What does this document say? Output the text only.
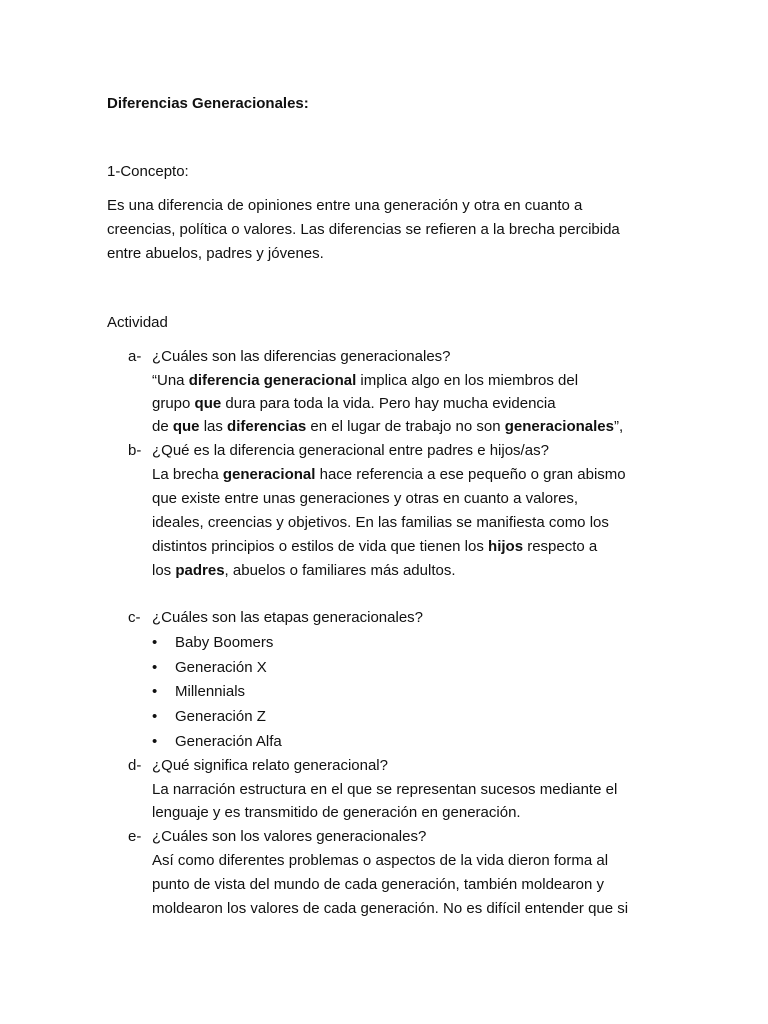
Diferencias Generacionales:
1-Concepto:
Es una diferencia de opiniones entre una generación y otra en cuanto a
creencias, política o valores. Las diferencias se refieren a la brecha percibida
entre abuelos, padres y jóvenes.
Actividad
a- ¿Cuáles son las diferencias generacionales?
“Una diferencia generacional implica algo en los miembros del
grupo que dura para toda la vida. Pero hay mucha evidencia
de que las diferencias en el lugar de trabajo no son generacionales”,
b- ¿Qué es la diferencia generacional entre padres e hijos/as?
La brecha generacional hace referencia a ese pequeño o gran abismo
que existe entre unas generaciones y otras en cuanto a valores,
ideales, creencias y objetivos. En las familias se manifiesta como los
distintos principios o estilos de vida que tienen los hijos respecto a
los padres, abuelos o familiares más adultos.
c- ¿Cuáles son las etapas generacionales?
• Baby Boomers
• Generación X
• Millennials
• Generación Z
• Generación Alfa
d- ¿Qué significa relato generacional?
La narración estructura en el que se representan sucesos mediante el
lenguaje y es transmitido de generación en generación.
e- ¿Cuáles son los valores generacionales?
Así como diferentes problemas o aspectos de la vida dieron forma al
punto de vista del mundo de cada generación, también moldearon y
moldearon los valores de cada generación. No es difícil entender que si
